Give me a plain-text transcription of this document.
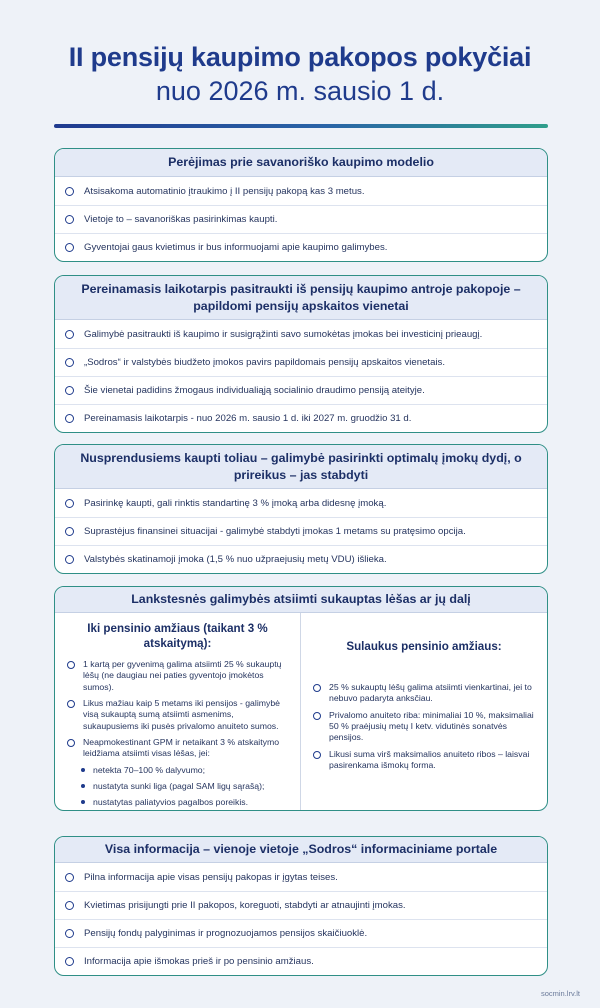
II pensijų kaupimo pakopos pokyčiai
nuo 2026 m. sausio 1 d.
Perėjimas prie savanoriško kaupimo modelio
Atsisakoma automatinio įtraukimo į II pensijų pakopą kas 3 metus.
Vietoje to – savanoriškas pasirinkimas kaupti.
Gyventojai gaus kvietimus ir bus informuojami apie kaupimo galimybes.
Pereinamasis laikotarpis pasitraukti iš pensijų kaupimo antroje pakopoje – papildomi pensijų apskaitos vienetai
Galimybė pasitraukti iš kaupimo ir susigrąžinti savo sumokėtas įmokas bei investicinį prieaugį.
„Sodros“ ir valstybės biudžeto įmokos pavirs papildomais pensijų apskaitos vienetais.
Šie vienetai padidins žmogaus individualiąją socialinio draudimo pensiją ateityje.
Pereinamasis laikotarpis - nuo 2026 m. sausio 1 d. iki 2027 m. gruodžio 31 d.
Nusprendusiems kaupti toliau – galimybė pasirinkti optimalų įmokų dydį, o prireikus – jas stabdyti
Pasirinkę kaupti, gali rinktis standartinę 3 % įmoką arba didesnę įmoką.
Suprastėjus finansinei situacijai - galimybė stabdyti įmokas 1 metams su pratęsimo opcija.
Valstybės skatinamoji įmoka (1,5 % nuo užpraeįusių metų VDU) išlieka.
Lankstesnės galimybės atsiimti sukauptas lėšas ar jų dalį
Iki pensinio amžiaus (taikant 3 % atskaitymą):
1 kartą per gyvenimą galima atsiimti 25 % sukauptų lėšų (ne daugiau nei paties gyventojo įmokėtos sumos).
Likus mažiau kaip 5 metams iki pensijos - galimybė visą sukauptą sumą atsiimti asmenims, sukaupusiems iki pusės privalomo anuiteto sumos.
Neapmokestinant GPM ir netaikant 3 % atskaitymo leidžiama atsiimti visas lėšas, jei:
netekta 70–100 % dalyvumo;
nustatyta sunki liga (pagal SAM ligų sąrašą);
nustatytas paliatyvios pagalbos poreikis.
Sulaukus pensinio amžiaus:
25 % sukauptų lėšų galima atsiimti vienkartinai, jei to nebuvo padaryta anksčiau.
Privalomo anuiteto riba: minimaliai 10 %, maksimaliai 50 % praėjusių metų I ketv. vidutinės sonatvės pensijos.
Likusi suma virš maksimalios anuiteto ribos – laisvai pasirenkama išmokų forma.
Visa informacija – vienoje vietoje „Sodros“ informaciniame portale
Pilna informacija apie visas pensijų pakopas ir įgytas teises.
Kvietimas prisijungti prie II pakopos, koreguoti, stabdyti ar atnaujinti įmokas.
Pensijų fondų palyginimas ir prognozuojamos pensijos skaičiuoklė.
Informacija apie išmokas prieš ir po pensinio amžiaus.
socmin.lrv.lt
